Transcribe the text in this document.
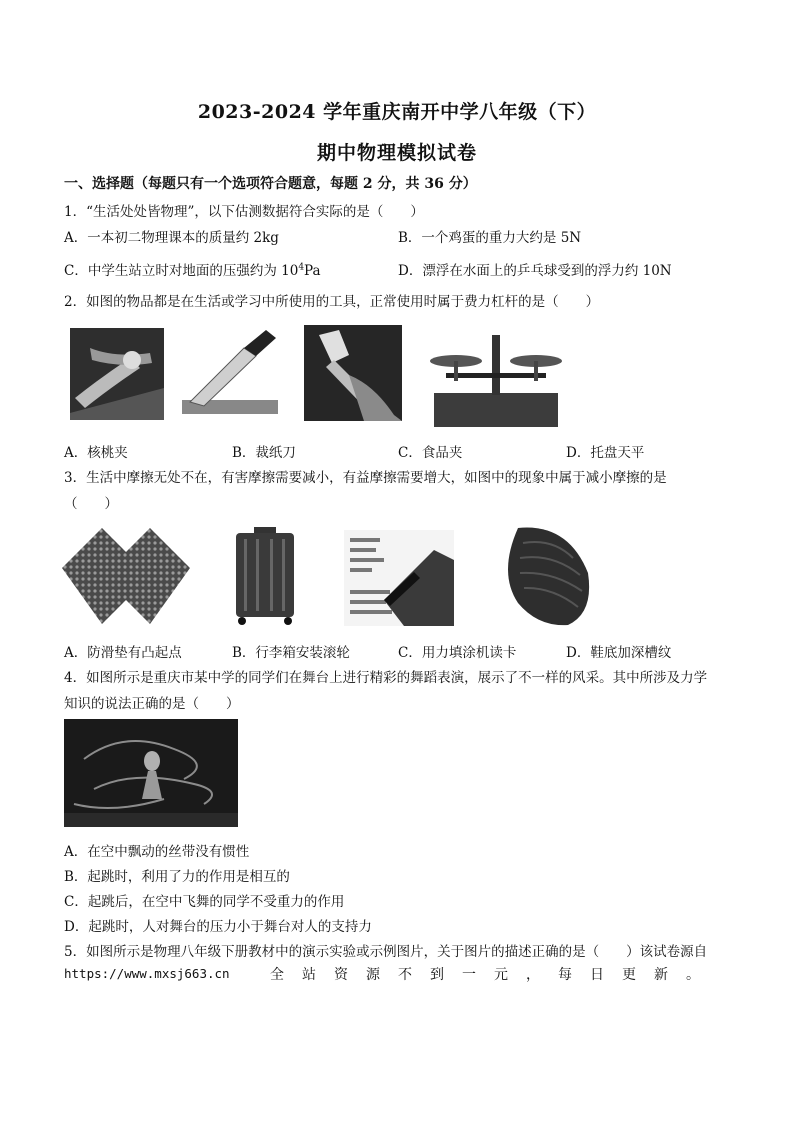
2023-2024 学年重庆南开中学八年级（下）
期中物理模拟试卷
一、选择题（每题只有一个选项符合题意，每题 2 分，共 36 分）
1．“生活处处皆物理”，以下估测数据符合实际的是（　　）
A．一本初二物理课本的质量约 2kg	B．一个鸡蛋的重力大约是 5N
C．中学生站立时对地面的压强约为 $10^4Pa$	D．漂浮在水面上的乒乓球受到的浮力约 10N
2．如图的物品都是在生活或学习中所使用的工具，正常使用时属于费力杠杆的是（　　）
A．核桃夹	B．裁纸刀	C．食品夹	D．托盘天平
3．生活中摩擦无处不在，有害摩擦需要减小，有益摩擦需要增大，如图中的现象中属于减小摩擦的是
（　　）
A．防滑垫有凸起点	B．行李箱安装滚轮	C．用力填涂机读卡	D．鞋底加深槽纹
4．如图所示是重庆市某中学的同学们在舞台上进行精彩的舞蹈表演，展示了不一样的风采。其中所涉及力学
知识的说法正确的是（　　）
A．在空中飘动的丝带没有惯性
B．起跳时，利用了力的作用是相互的
C．起跳后，在空中飞舞的同学不受重力的作用
D．起跳时，人对舞台的压力小于舞台对人的支持力
5．如图所示是物理八年级下册教材中的演示实验或示例图片，关于图片的描述正确的是（　　）该试卷源自
https://www.mxsj663.cn	全站资源不到一元，每日更新。
